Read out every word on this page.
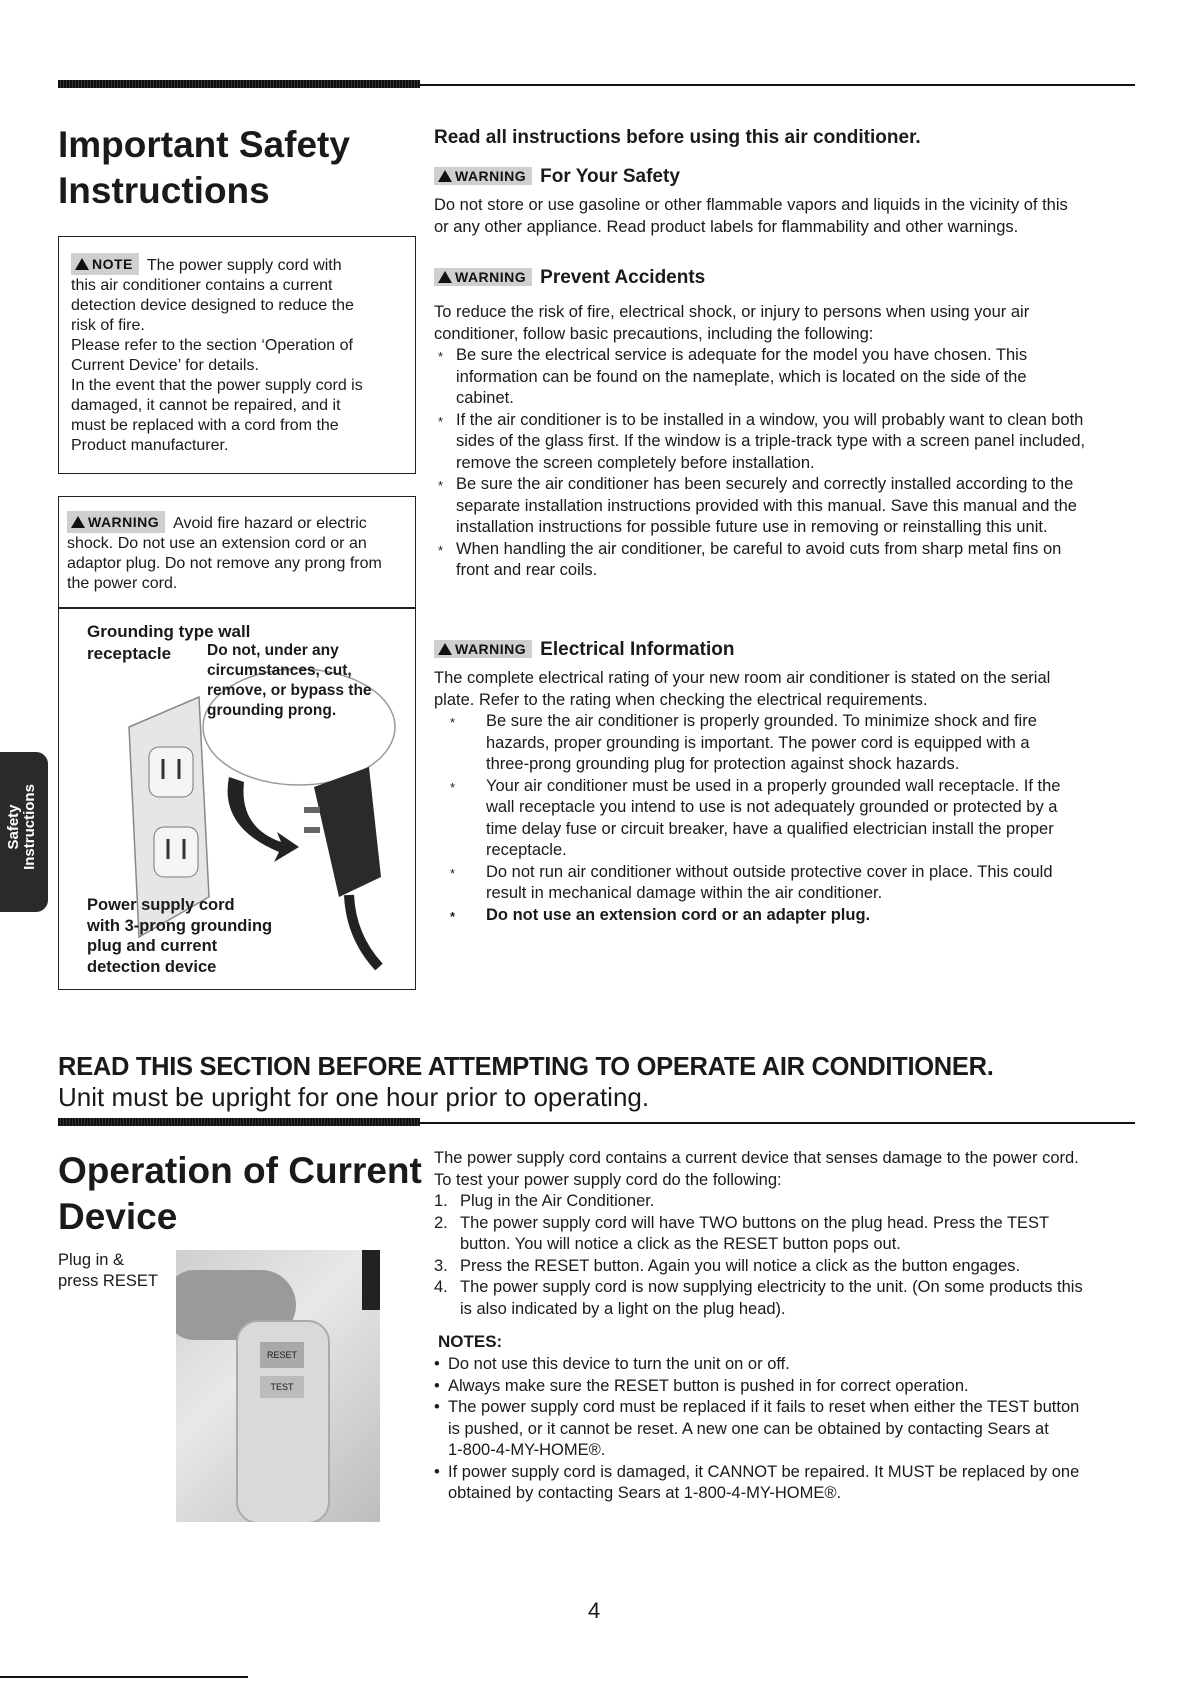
Important Safety Instructions
Safety
Instructions
NOTE The power supply cord with
this air conditioner contains a current
detection device designed to reduce the
risk of fire.
Please refer to the section ‘Operation of
Current Device’ for details.
In the event that the power supply cord is
damaged, it cannot be repaired, and it
must be replaced with a cord from the
Product manufacturer.
WARNING Avoid fire hazard or electric
shock. Do not use an extension cord or an
adaptor plug. Do not remove any prong from
the power cord.
Grounding type wall
receptacle	Do not, under any
circumstances, cut,
remove, or bypass the
grounding prong.
Power supply cord
with 3-prong grounding
plug and current
detection device
Read all instructions before using this air conditioner.
WARNING For Your Safety

Do not store or use gasoline or other flammable vapors and liquids in the vicinity of this

or any other appliance. Read product labels for flammability and other warnings.

WARNING Prevent Accidents

To reduce the risk of fire, electrical shock, or injury to persons when using your air

conditioner, follow basic precautions, including the following:

* Be sure the electrical service is adequate for the model you have chosen. This
information can be found on the nameplate, which is located on the side of the
cabinet.
* If the air conditioner is to be installed in a window, you will probably want to clean both
sides of the glass first. If the window is a triple-track type with a screen panel included,
remove the screen completely before installation.
* Be sure the air conditioner has been securely and correctly installed according to the
separate installation instructions provided with this manual. Save this manual and the
installation instructions for possible future use in removing or reinstalling this unit.
* When handling the air conditioner, be careful to avoid cuts from sharp metal fins on
front and rear coils.
WARNING Electrical Information

The complete electrical rating of your new room air conditioner is stated on the serial

plate. Refer to the rating when checking the electrical requirements.

* Be sure the air conditioner is properly grounded. To minimize shock and fire
hazards, proper grounding is important. The power cord is equipped with a
three-prong grounding plug for protection against shock hazards.
* Your air conditioner must be used in a properly grounded wall receptacle. If the
wall receptacle you intend to use is not adequately grounded or protected by a
time delay fuse or circuit breaker, have a qualified electrician install the proper
receptacle.
* Do not run air conditioner without outside protective cover in place. This could
result in mechanical damage within the air conditioner.
* Do not use an extension cord or an adapter plug.
READ THIS SECTION BEFORE ATTEMPTING TO OPERATE AIR CONDITIONER.
Unit must be upright for one hour prior to operating.
Operation of Current
Device
Plug in &
press RESET
RESET
TEST

The power supply cord contains a current device that senses damage to the power cord.

To test your power supply cord do the following:

1. Plug in the Air Conditioner.
2. The power supply cord will have TWO buttons on the plug head. Press the TEST
button. You will notice a click as the RESET button pops out.
3. Press the RESET button. Again you will notice a click as the button engages.
4. The power supply cord is now supplying electricity to the unit. (On some products this
is also indicated by a light on the plug head).
NOTES:
• Do not use this device to turn the unit on or off.
• Always make sure the RESET button is pushed in for correct operation.
• The power supply cord must be replaced if it fails to reset when either the TEST button
is pushed, or it cannot be reset. A new one can be obtained by contacting Sears at
1-800-4-MY-HOME®.
• If power supply cord is damaged, it CANNOT be repaired. It MUST be replaced by one
obtained by contacting Sears at 1-800-4-MY-HOME®.
4
